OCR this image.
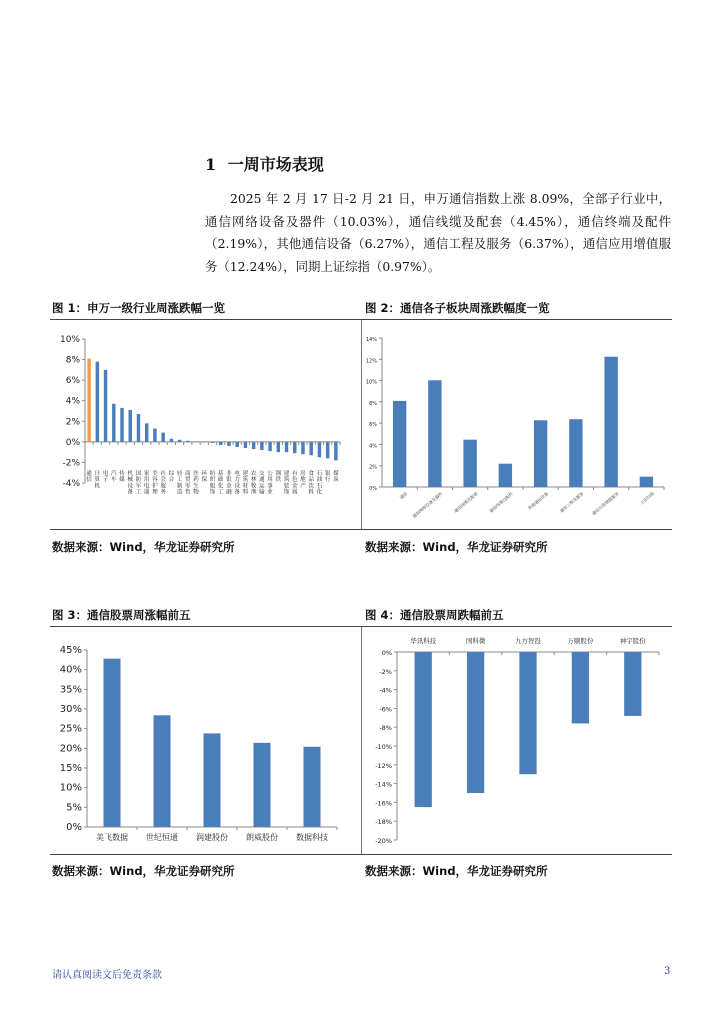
1 一周市场表现

2025 年 2 月 17 日-2 月 21 日，申万通信指数上涨 8.09%，全部子行业中，通信网络设备及器件（10.03%），通信线缆及配套（4.45%），通信终端及配件（2.19%），其他通信设备（6.27%），通信工程及服务（6.37%），通信应用增值服务（12.24%），同期上证综指（0.97%）。

图 1：申万一级行业周涨跌幅一览	图 2：通信各子板块周涨跌幅度一览
-4%
-2%
0%
2%
4%
6%
8%
10%
通
信
计
算
机
电
子
汽
车
传
媒
机
械
设
备
国
防
军
工
家
用
电
器
美
容
护
理
社
会
服
务
综
合
轻
工
制
造
商
贸
零
售
医
药
生
物
环
保
纺
织
服
饰
基
础
化
工
非
银
金
融
电
力
设
备
建
筑
材
料
农
林
牧
渔
交
通
运
输
公
用
事
业
钢
铁
建
筑
装
饰
有
色
金
属
房
地
产
食
品
饮
料
石
油
石
化
银
行
煤
炭
0%
2%
4%
6%
8%
10%
12%
14%
通信 通信网络设备及器件 通信线缆及配套 通信终端及配件	其他通信设备 通信工程及服务 通信应用增值服务	上证综指
数据来源：Wind，华龙证券研究所	数据来源：Wind，华龙证券研究所
图 3：通信股票周涨幅前五	图 4：通信股票周跌幅前五
0%
5%
10%
15%
20%
25%
30%
35%
40%
45%
美飞数据 世纪恒通 润建股份 朗威股份 数据科技
0%
-2%
-4%
-6%
-8%
-10%
-12%
-14%
-16%
-18%
-20%
华讯科技	国科微	九方智投	万顺股份	神宇股份
数据来源：Wind，华龙证券研究所	数据来源：Wind，华龙证券研究所
请认真阅读文后免责条款	3
